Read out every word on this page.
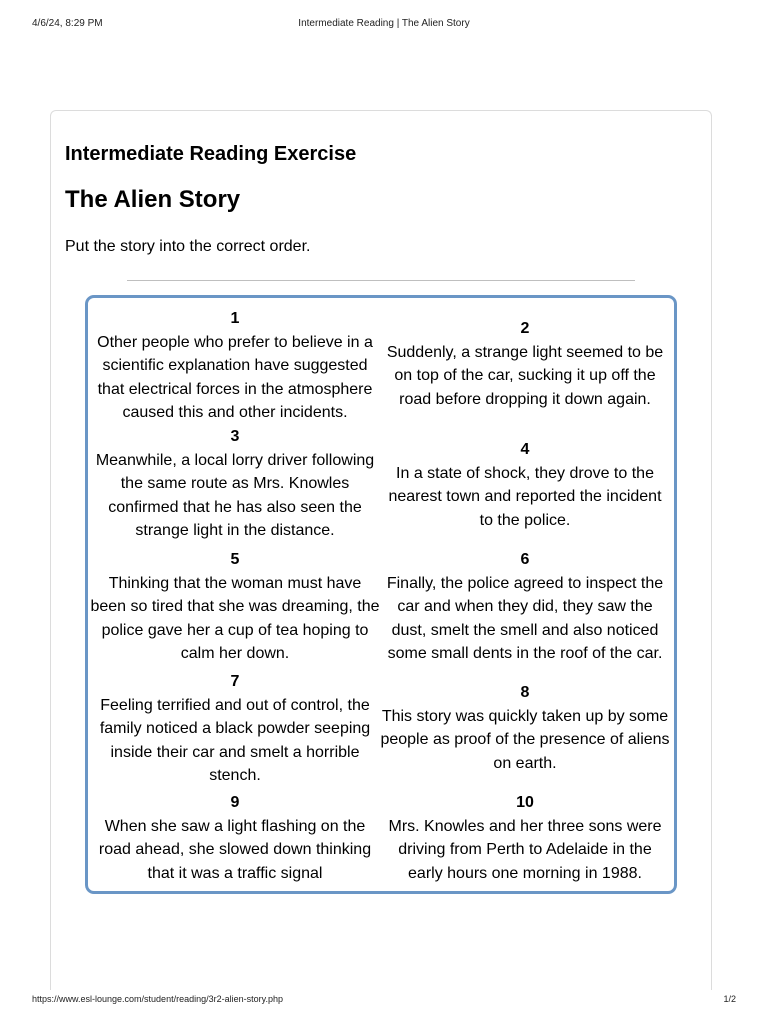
4/6/24, 8:29 PM	Intermediate Reading | The Alien Story
Intermediate Reading Exercise
The Alien Story

Put the story into the correct order.

1
Other people who prefer to believe in a scientific explanation have suggested that electrical forces in the atmosphere caused this and other incidents.
2
Suddenly, a strange light seemed to be on top of the car, sucking it up off the road before dropping it down again.
3
Meanwhile, a local lorry driver following the same route as Mrs. Knowles confirmed that he has also seen the strange light in the distance.
4
In a state of shock, they drove to the nearest town and reported the incident to the police.
5
Thinking that the woman must have been so tired that she was dreaming, the police gave her a cup of tea hoping to calm her down.
6
Finally, the police agreed to inspect the car and when they did, they saw the dust, smelt the smell and also noticed some small dents in the roof of the car.
7
Feeling terrified and out of control, the family noticed a black powder seeping inside their car and smelt a horrible stench.
8
This story was quickly taken up by some people as proof of the presence of aliens on earth.
9
When she saw a light flashing on the road ahead, she slowed down thinking that it was a traffic signal
10
Mrs. Knowles and her three sons were driving from Perth to Adelaide in the early hours one morning in 1988.
https://www.esl-lounge.com/student/reading/3r2-alien-story.php	1/2
